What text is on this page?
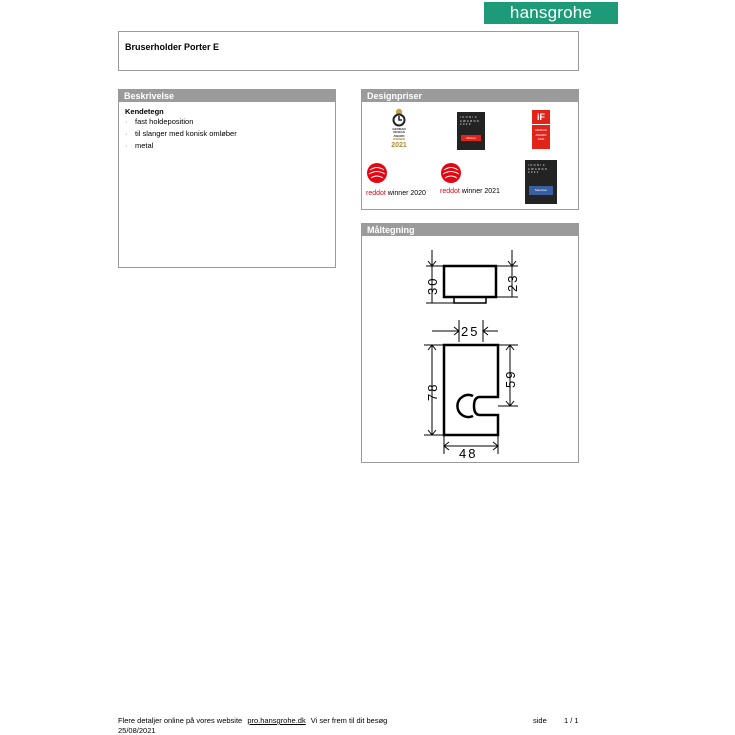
hansgrohe
Bruserholder Porter E
Beskrivelse
Kendetegn
· fast holdeposition
· til slanger med konisk omløber
· metal
Designpriser
GERMAN
DESIGN
AWARD
WINNER
2021
ICONIC
AWARDS
2020
Winner
iF
DESIGN
AWARD
2020
reddot winner 2020 reddot winner 2021
ICONIC
AWARDS
2021
Selection
Måltegning
30	23
25
78
59
48
Flere detaljer online på vores website pro.hansgrohe.dk Vi ser frem til dit besøg
25/08/2021
side 1 / 1
